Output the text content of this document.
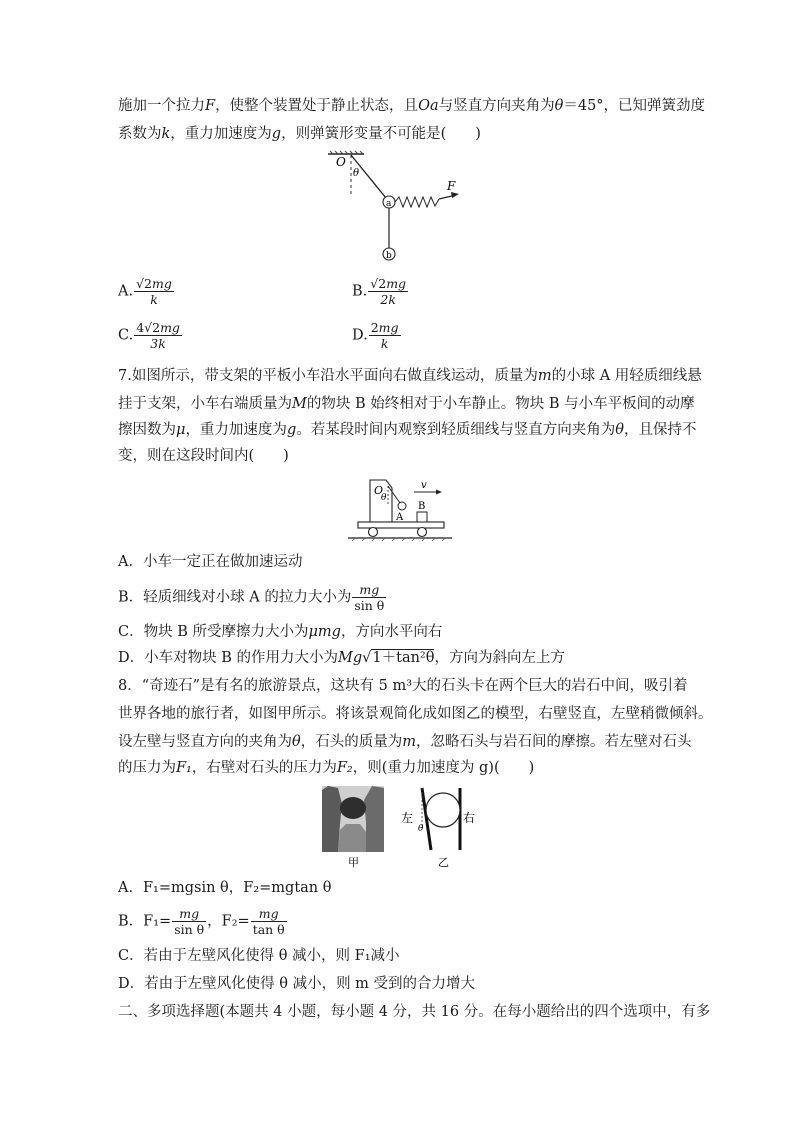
施加一个拉力F，使整个装置处于静止状态，且Oa与竖直方向夹角为θ＝45°，已知弹簧劲度
系数为k，重力加速度为g，则弹簧形变量不可能是(　　)
O
θ
a
b
F
A. $\frac{√2mg}{k}$	B. $\frac{√2mg}{2k}$
C. $\frac{4√2mg}{3k}$	D. $\frac{2mg}{k}$
7.如图所示，带支架的平板小车沿水平面向右做直线运动，质量为m的小球 A 用轻质细线悬
挂于支架，小车右端质量为M的物块 B 始终相对于小车静止。物块 B 与小车平板间的动摩
擦因数为μ，重力加速度为g。若某段时间内观察到轻质细线与竖直方向夹角为θ，且保持不
变，则在这段时间内(　　)
O
θ
A
B
v
A．小车一定正在做加速运动
B．轻质细线对小球 A 的拉力大小为 $\frac{mg}{\text{sin θ}}$
C．物块 B 所受摩擦力大小为μmg，方向水平向右
D．小车对物块 B 的作用力大小为Mg√1＋tan²θ，方向为斜向左上方
8．“奇迹石”是有名的旅游景点，这块有 5 m³大的石头卡在两个巨大的岩石中间，吸引着
世界各地的旅行者，如图甲所示。将该景观简化成如图乙的模型，右壁竖直，左壁稍微倾斜。
设左壁与竖直方向的夹角为θ，石头的质量为m，忽略石头与岩石间的摩擦。若左壁对石头
的压力为F₁，右壁对石头的压力为F₂，则(重力加速度为 g)(　　)
甲
左	右
θ
乙
A．F₁=mgsin θ，F₂=mgtan θ
B．$F_1= \frac{mg}{\text{sin θ}}$ ，$F_2= \frac{mg}{\text{tan θ}}$
C．若由于左壁风化使得 θ 减小，则 F₁减小
D．若由于左壁风化使得 θ 减小，则 m 受到的合力增大
二、多项选择题(本题共 4 小题，每小题 4 分，共 16 分。在每小题给出的四个选项中，有多
